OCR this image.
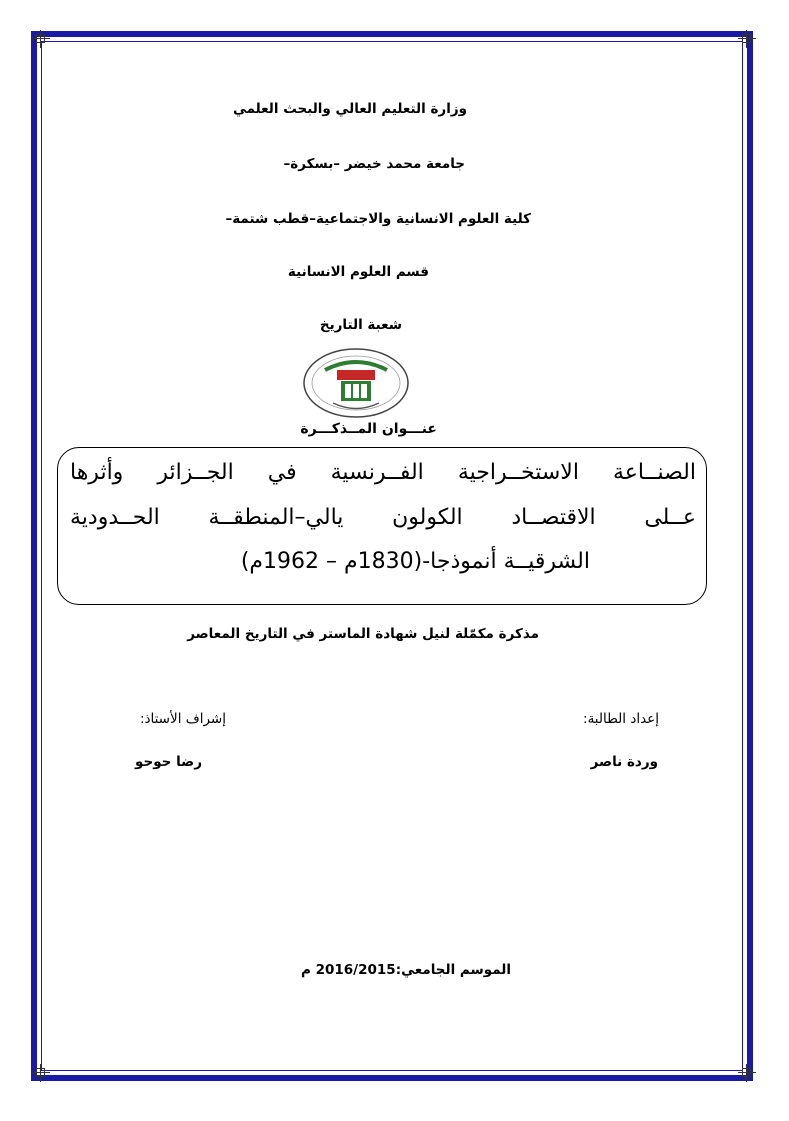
وزارة التعليم العالي والبحث العلمي
جامعة محمد خيضر –بسكرة–
كلية العلوم الانسانية والاجتماعية–قطب شتمة–
قسم العلوم الانسانية
شعبة التاريخ
عنـــوان المــذكـــرة
الصنــاعة الاستخــراجية الفــرنسية في الجــزائر وأثرها
عــلى الاقتصــاد الكولون يالي–المنطقــة الحــدودية
الشرقيــة أنموذجا-(1830م – 1962م)
مذكرة مكمّلة لنيل شهادة الماستر في التاريخ المعاصر
إعداد الطالبة:
وردة ناصر
إشراف الأستاذ:
رضا حوحو
الموسم الجامعي:2016/2015 م
